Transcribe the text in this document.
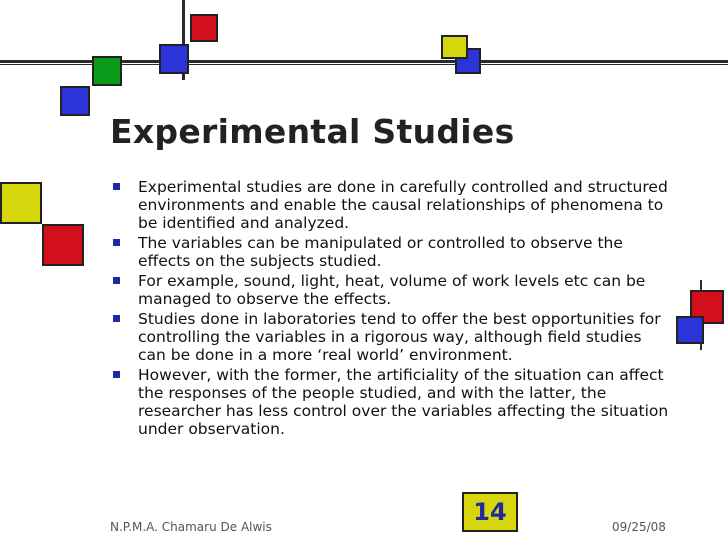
Experimental Studies
Experimental studies are done in carefully controlled and structured environments and enable the causal relationships of phenomena to be identified and analyzed.
The variables can be manipulated or controlled to observe the effects on the subjects studied.
For example, sound, light, heat, volume of work levels etc can be managed to observe the effects.
Studies done in laboratories tend to offer the best opportunities for controlling the variables in a rigorous way, although field studies can be done in a more ‘real world’ environment.
However, with the former, the artificiality of the situation can affect the responses of the people studied, and with the latter, the researcher has less control over the variables affecting the situation under observation.
N.P.M.A. Chamaru De Alwis
14
09/25/08
